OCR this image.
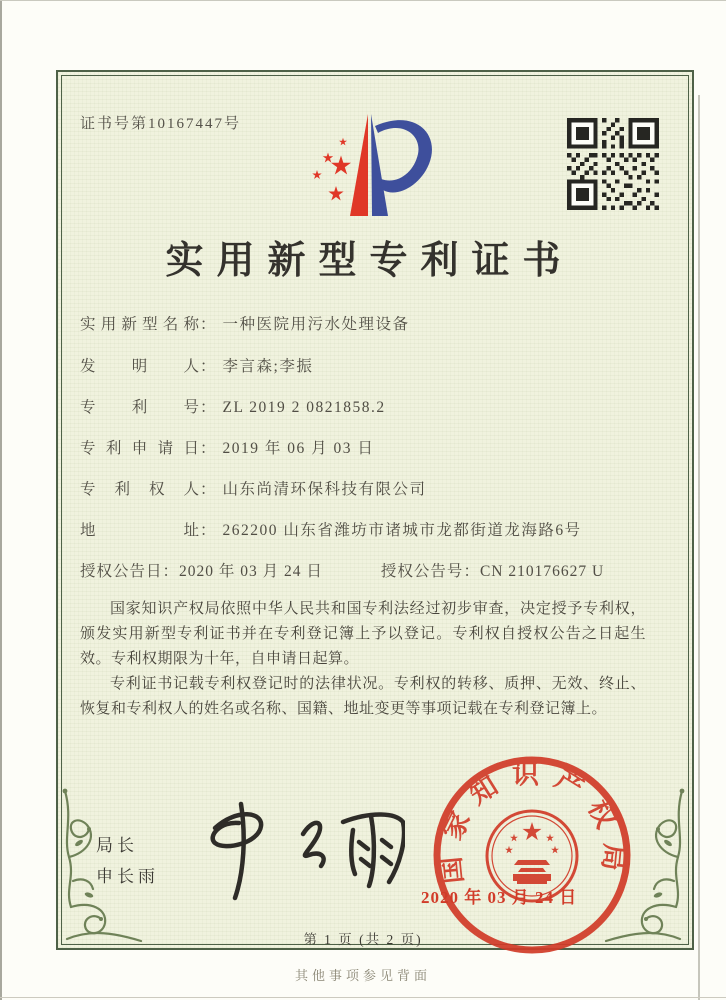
证书号第10167447号
实用新型专利证书
实用新型名称： 一种医院用污水处理设备
发明人： 李言森;李振
专利号： ZL 2019 2 0821858.2
专利申请日： 2019 年 06 月 03 日
专利权人： 山东尚清环保科技有限公司
地址： 262200 山东省潍坊市诸城市龙都街道龙海路6号
授权公告日：2020 年 03 月 24 日	授权公告号：CN 210176627 U

国家知识产权局依照中华人民共和国专利法经过初步审查，决定授予专利权，颁发实用新型专利证书并在专利登记簿上予以登记。专利权自授权公告之日起生效。专利权期限为十年，自申请日起算。

专利证书记载专利权登记时的法律状况。专利权的转移、质押、无效、终止、恢复和专利权人的姓名或名称、国籍、地址变更等事项记载在专利登记簿上。

局长
申长雨	国家知识产权局
2020 年 03 月 24 日
第 1 页 (共 2 页)
其他事项参见背面
